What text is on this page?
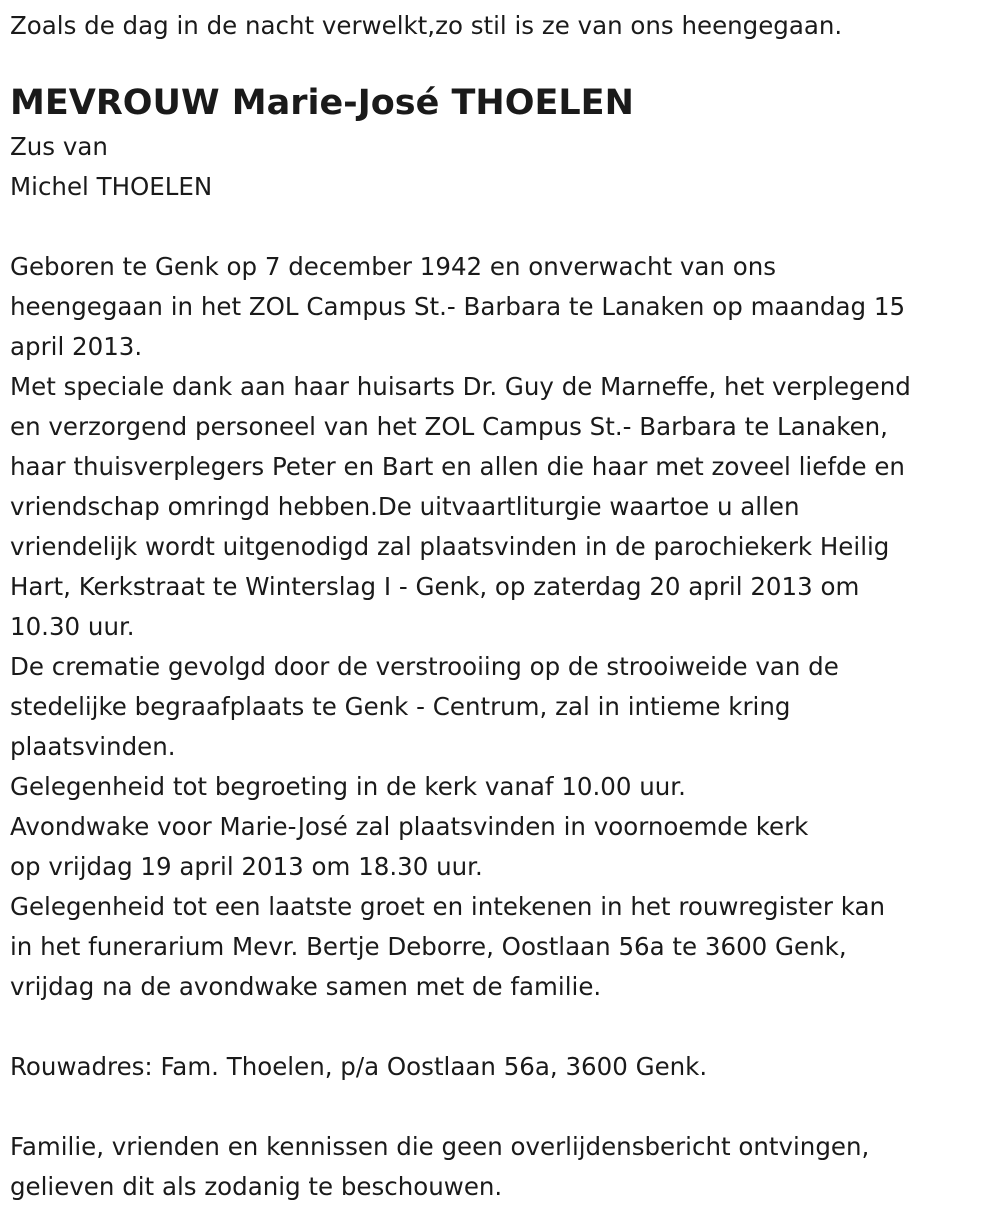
Zoals de dag in de nacht verwelkt,zo stil is ze van ons heengegaan.
MEVROUW Marie-José THOELEN
Zus van
Michel THOELEN
Geboren te Genk op 7 december 1942 en onverwacht van ons
heengegaan in het ZOL Campus St.- Barbara te Lanaken op maandag 15
april 2013.
Met speciale dank aan haar huisarts Dr. Guy de Marneffe, het verplegend
en verzorgend personeel van het ZOL Campus St.- Barbara te Lanaken,
haar thuisverplegers Peter en Bart en allen die haar met zoveel liefde en
vriendschap omringd hebben.De uitvaartliturgie waartoe u allen
vriendelijk wordt uitgenodigd zal plaatsvinden in de parochiekerk Heilig
Hart, Kerkstraat te Winterslag I - Genk, op zaterdag 20 april 2013 om
10.30 uur.
De crematie gevolgd door de verstrooiing op de strooiweide van de
stedelijke begraafplaats te Genk - Centrum, zal in intieme kring
plaatsvinden.
Gelegenheid tot begroeting in de kerk vanaf 10.00 uur.
Avondwake voor Marie-José zal plaatsvinden in voornoemde kerk
op vrijdag 19 april 2013 om 18.30 uur.
Gelegenheid tot een laatste groet en intekenen in het rouwregister kan
in het funerarium Mevr. Bertje Deborre, Oostlaan 56a te 3600 Genk,
vrijdag na de avondwake samen met de familie.
Rouwadres: Fam. Thoelen, p/a Oostlaan 56a, 3600 Genk.
Familie, vrienden en kennissen die geen overlijdensbericht ontvingen,
gelieven dit als zodanig te beschouwen.
